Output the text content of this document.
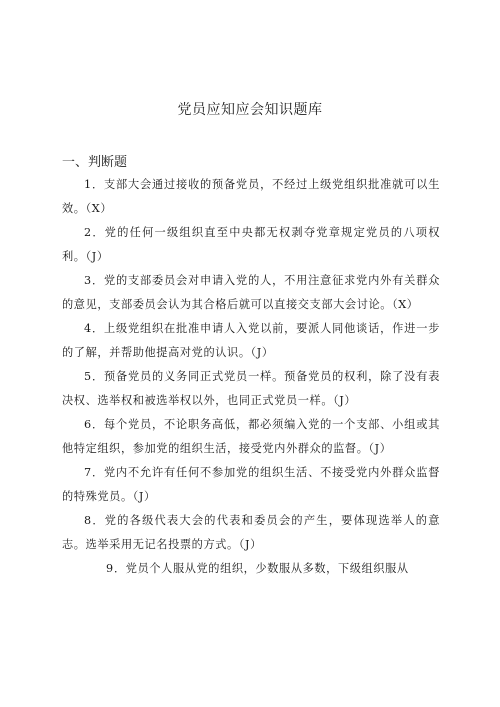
党员应知应会知识题库
一、判断题

1．支部大会通过接收的预备党员，不经过上级党组织批准就可以生效。（X）

2．党的任何一级组织直至中央都无权剥夺党章规定党员的八项权利。（J）

3．党的支部委员会对申请入党的人，不用注意征求党内外有关群众的意见，支部委员会认为其合格后就可以直接交支部大会讨论。（X）

4．上级党组织在批准申请人入党以前，要派人同他谈话，作进一步的了解，并帮助他提高对党的认识。（J）

5．预备党员的义务同正式党员一样。预备党员的权利，除了没有表决权、选举权和被选举权以外，也同正式党员一样。（J）

6．每个党员，不论职务高低，都必须编入党的一个支部、小组或其他特定组织，参加党的组织生活，接受党内外群众的监督。（J）

7．党内不允许有任何不参加党的组织生活、不接受党内外群众监督的特殊党员。（J）

8．党的各级代表大会的代表和委员会的产生，要体现选举人的意志。选举采用无记名投票的方式。（J）

9．党员个人服从党的组织，少数服从多数，下级组织服从
